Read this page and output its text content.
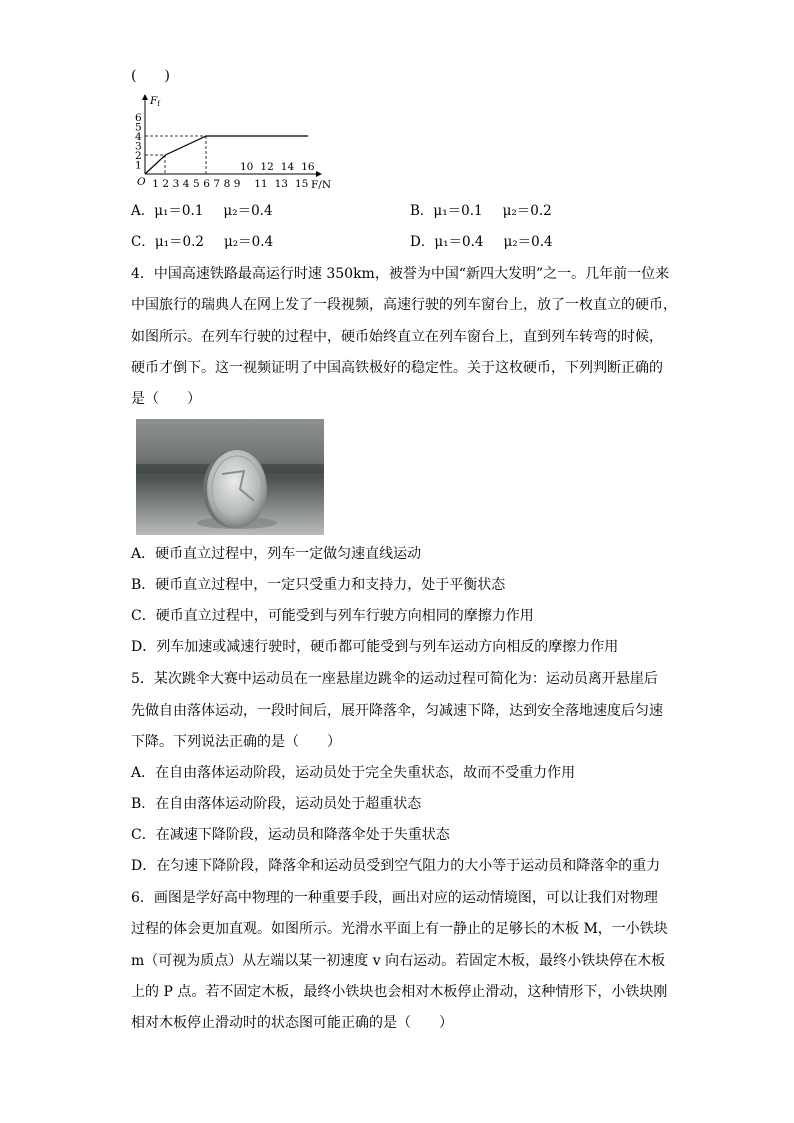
(　　)
Ff
O	F/N
1
2
3
4
5
6
1 2 3 4 5 6 7 8 9 11 13 15
10 12 14 16
A．μ₁＝0.1 μ₂＝0.4	B．μ₁＝0.1 μ₂＝0.2
C．μ₁＝0.2 μ₂＝0.4	D．μ₁＝0.4 μ₂＝0.4
4．中国高速铁路最高运行时速 350km，被誉为中国“新四大发明”之一。几年前一位来
中国旅行的瑞典人在网上发了一段视频，高速行驶的列车窗台上，放了一枚直立的硬币，
如图所示。在列车行驶的过程中，硬币始终直立在列车窗台上，直到列车转弯的时候，
硬币才倒下。这一视频证明了中国高铁极好的稳定性。关于这枚硬币，下列判断正确的
是（　　）
A．硬币直立过程中，列车一定做匀速直线运动
B．硬币直立过程中，一定只受重力和支持力，处于平衡状态
C．硬币直立过程中，可能受到与列车行驶方向相同的摩擦力作用
D．列车加速或减速行驶时，硬币都可能受到与列车运动方向相反的摩擦力作用
5．某次跳伞大赛中运动员在一座悬崖边跳伞的运动过程可简化为：运动员离开悬崖后
先做自由落体运动，一段时间后，展开降落伞，匀减速下降，达到安全落地速度后匀速
下降。下列说法正确的是（　　）
A．在自由落体运动阶段，运动员处于完全失重状态，故而不受重力作用
B．在自由落体运动阶段，运动员处于超重状态
C．在减速下降阶段，运动员和降落伞处于失重状态
D．在匀速下降阶段，降落伞和运动员受到空气阻力的大小等于运动员和降落伞的重力
6．画图是学好高中物理的一种重要手段，画出对应的运动情境图，可以让我们对物理
过程的体会更加直观。如图所示。光滑水平面上有一静止的足够长的木板 M，一小铁块
m（可视为质点）从左端以某一初速度 v 向右运动。若固定木板，最终小铁块停在木板
上的 P 点。若不固定木板，最终小铁块也会相对木板停止滑动，这种情形下，小铁块刚
相对木板停止滑动时的状态图可能正确的是（　　）
